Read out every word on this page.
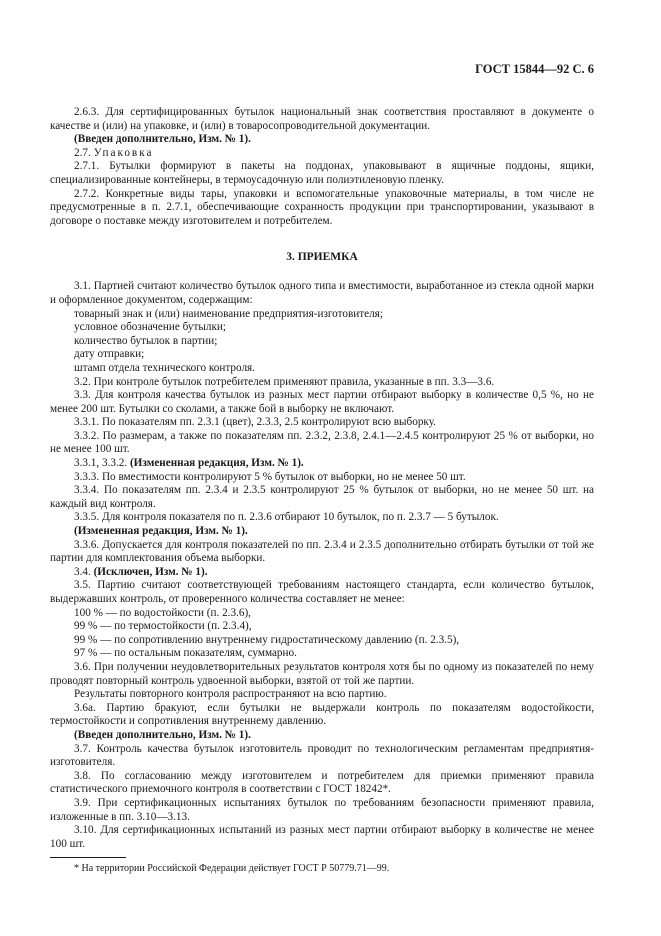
ГОСТ 15844—92 С. 6

2.6.3. Для сертифицированных бутылок национальный знак соответствия проставляют в документе о качестве и (или) на упаковке, и (или) в товаросопроводительной документации.

(Введен дополнительно, Изм. № 1).

2.7. Упаковка

2.7.1. Бутылки формируют в пакеты на поддонах, упаковывают в ящичные поддоны, ящики, специализированные контейнеры, в термоусадочную или полиэтиленовую пленку.

2.7.2. Конкретные виды тары, упаковки и вспомогательные упаковочные материалы, в том числе не предусмотренные в п. 2.7.1, обеспечивающие сохранность продукции при транспортировании, указывают в договоре о поставке между изготовителем и потребителем.

3. ПРИЕМКА

3.1. Партией считают количество бутылок одного типа и вместимости, выработанное из стекла одной марки и оформленное документом, содержащим:

товарный знак и (или) наименование предприятия-изготовителя;

условное обозначение бутылки;

количество бутылок в партии;

дату отправки;

штамп отдела технического контроля.

3.2. При контроле бутылок потребителем применяют правила, указанные в пп. 3.3—3.6.

3.3. Для контроля качества бутылок из разных мест партии отбирают выборку в количестве 0,5 %, но не менее 200 шт. Бутылки со сколами, а также бой в выборку не включают.

3.3.1. По показателям пп. 2.3.1 (цвет), 2.3.3, 2.5 контролируют всю выборку.

3.3.2. По размерам, а также по показателям пп. 2.3.2, 2.3.8, 2.4.1—2.4.5 контролируют 25 % от выборки, но не менее 100 шт.

3.3.1, 3.3.2. (Измененная редакция, Изм. № 1).

3.3.3. По вместимости контролируют 5 % бутылок от выборки, но не менее 50 шт.

3.3.4. По показателям пп. 2.3.4 и 2.3.5 контролируют 25 % бутылок от выборки, но не менее 50 шт. на каждый вид контроля.

3.3.5. Для контроля показателя по п. 2.3.6 отбирают 10 бутылок, по п. 2.3.7 — 5 бутылок.

(Измененная редакция, Изм. № 1).

3.3.6. Допускается для контроля показателей по пп. 2.3.4 и 2.3.5 дополнительно отбирать бутылки от той же партии для комплектования объема выборки.

3.4. (Исключен, Изм. № 1).

3.5. Партию считают соответствующей требованиям настоящего стандарта, если количество бутылок, выдержавших контроль, от проверенного количества составляет не менее:

100 % — по водостойкости (п. 2.3.6),

99 % — по термостойкости (п. 2.3.4),

99 % — по сопротивлению внутреннему гидростатическому давлению (п. 2.3.5),

97 % — по остальным показателям, суммарно.

3.6. При получении неудовлетворительных результатов контроля хотя бы по одному из показателей по нему проводят повторный контроль удвоенной выборки, взятой от той же партии.

Результаты повторного контроля распространяют на всю партию.

3.6а. Партию бракуют, если бутылки не выдержали контроль по показателям водостойкости, термостойкости и сопротивления внутреннему давлению.

(Введен дополнительно, Изм. № 1).

3.7. Контроль качества бутылок изготовитель проводит по технологическим регламентам предприятия-изготовителя.

3.8. По согласованию между изготовителем и потребителем для приемки применяют правила статистического приемочного контроля в соответствии с ГОСТ 18242*.

3.9. При сертификационных испытаниях бутылок по требованиям безопасности применяют правила, изложенные в пп. 3.10—3.13.

3.10. Для сертификационных испытаний из разных мест партии отбирают выборку в количестве не менее 100 шт.

* На территории Российской Федерации действует ГОСТ Р 50779.71—99.
